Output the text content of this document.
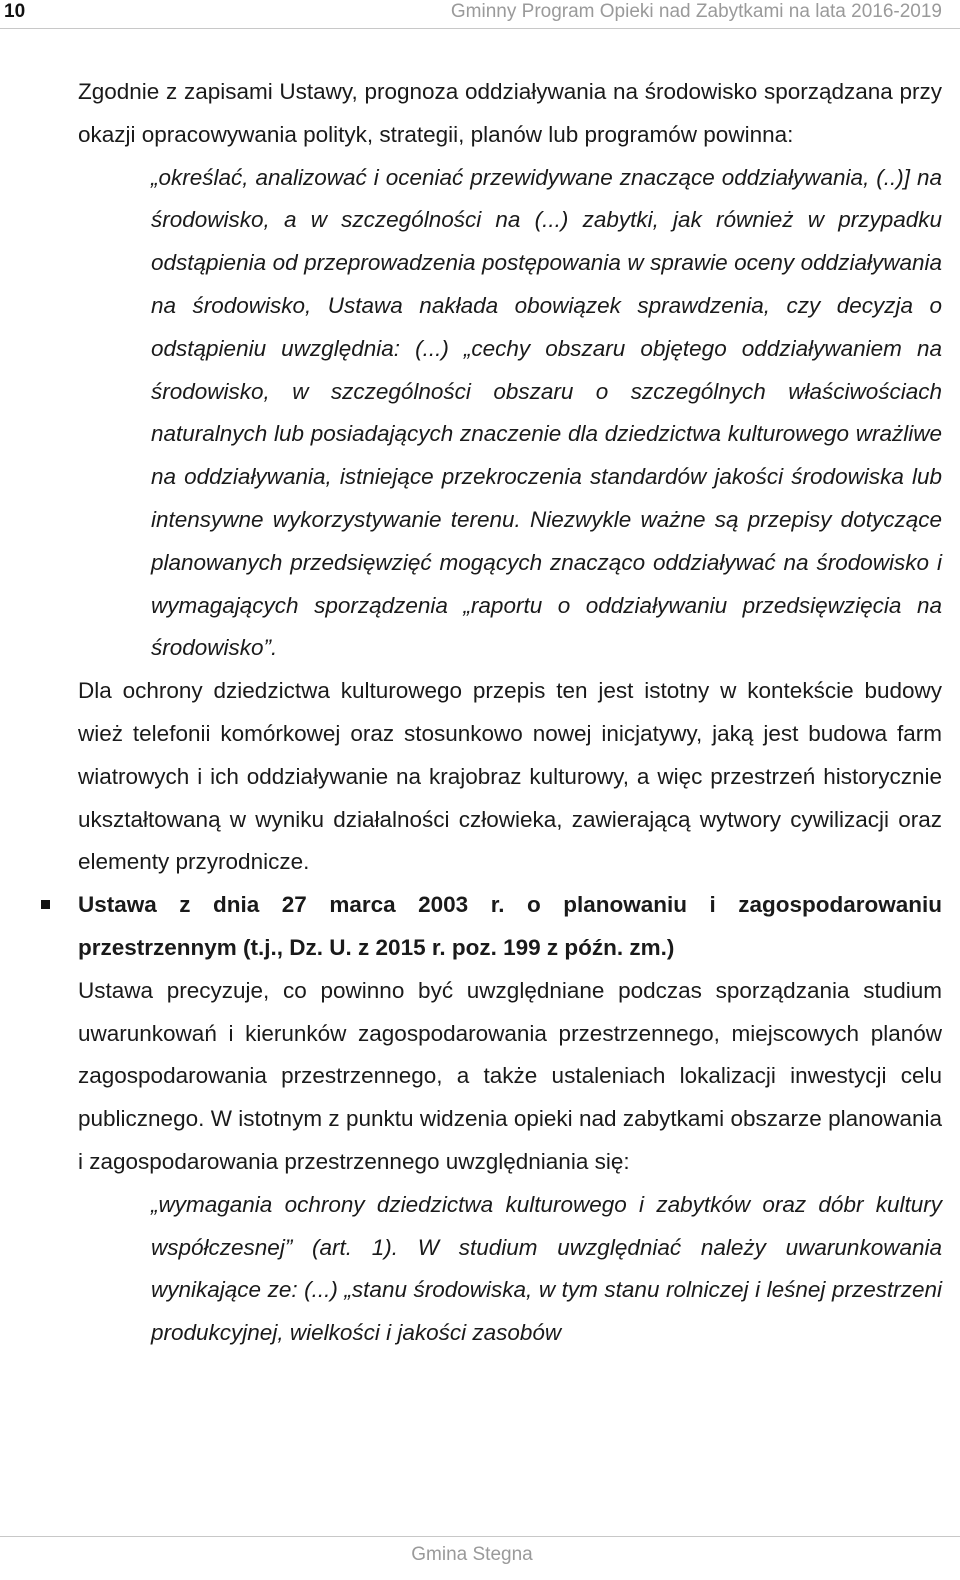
10	Gminny Program Opieki nad Zabytkami na lata 2016-2019

Zgodnie z zapisami Ustawy, prognoza oddziaływania na środowisko sporządzana przy okazji opracowywania polityk, strategii, planów lub programów powinna:

„określać, analizować i oceniać przewidywane znaczące oddziaływania, (..)] na środowisko, a w szczególności na (...) zabytki, jak również w przypadku odstąpienia od przeprowadzenia postępowania w sprawie oceny oddziaływania na środowisko, Ustawa nakłada obowiązek sprawdzenia, czy decyzja o odstąpieniu uwzględnia: (...) „cechy obszaru objętego oddziaływaniem na środowisko, w szczególności obszaru o szczególnych właściwościach naturalnych lub posiadających znaczenie dla dziedzictwa kulturowego wrażliwe na oddziaływania, istniejące przekroczenia standardów jakości środowiska lub intensywne wykorzystywanie terenu. Niezwykle ważne są przepisy dotyczące planowanych przedsięwzięć mogących znacząco oddziaływać na środowisko i wymagających sporządzenia „raportu o oddziaływaniu przedsięwzięcia na środowisko”.

Dla ochrony dziedzictwa kulturowego przepis ten jest istotny w kontekście budowy wież telefonii komórkowej oraz stosunkowo nowej inicjatywy, jaką jest budowa farm wiatrowych i ich oddziaływanie na krajobraz kulturowy, a więc przestrzeń historycznie ukształtowaną w wyniku działalności człowieka, zawierającą wytwory cywilizacji oraz elementy przyrodnicze.

Ustawa z dnia 27 marca 2003 r. o planowaniu i zagospodarowaniu przestrzennym (t.j., Dz. U. z 2015 r. poz. 199 z późn. zm.)

Ustawa precyzuje, co powinno być uwzględniane podczas sporządzania studium uwarunkowań i kierunków zagospodarowania przestrzennego, miejscowych planów zagospodarowania przestrzennego, a także ustaleniach lokalizacji inwestycji celu publicznego. W istotnym z punktu widzenia opieki nad zabytkami obszarze planowania i zagospodarowania przestrzennego uwzględniania się:

„wymagania ochrony dziedzictwa kulturowego i zabytków oraz dóbr kultury współczesnej” (art. 1). W studium uwzględniać należy uwarunkowania wynikające ze: (...) „stanu środowiska, w tym stanu rolniczej i leśnej przestrzeni produkcyjnej, wielkości i jakości zasobów

Gmina Stegna
